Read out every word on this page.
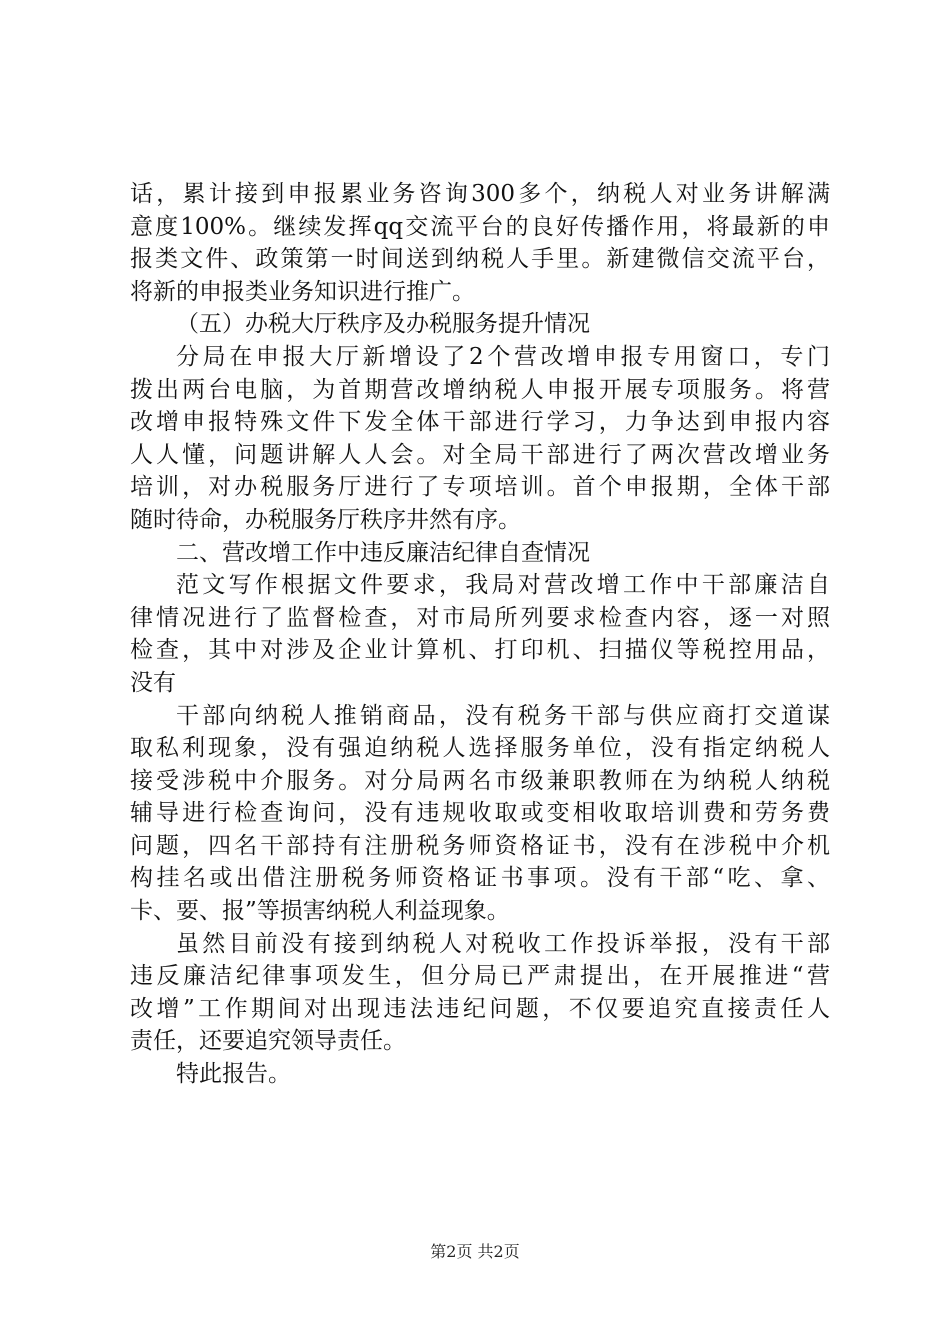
话，累计接到申报累业务咨询300多个，纳税人对业务讲解满
意度100%。继续发挥qq交流平台的良好传播作用，将最新的申
报类文件、政策第一时间送到纳税人手里。新建微信交流平台，
将新的申报类业务知识进行推广。
（五）办税大厅秩序及办税服务提升情况
分局在申报大厅新增设了2个营改增申报专用窗口，专门
拨出两台电脑，为首期营改增纳税人申报开展专项服务。将营
改增申报特殊文件下发全体干部进行学习，力争达到申报内容
人人懂，问题讲解人人会。对全局干部进行了两次营改增业务
培训，对办税服务厅进行了专项培训。首个申报期，全体干部
随时待命，办税服务厅秩序井然有序。
二、营改增工作中违反廉洁纪律自查情况
范文写作根据文件要求，我局对营改增工作中干部廉洁自
律情况进行了监督检查，对市局所列要求检查内容，逐一对照
检查，其中对涉及企业计算机、打印机、扫描仪等税控用品，
没有
干部向纳税人推销商品，没有税务干部与供应商打交道谋
取私利现象，没有强迫纳税人选择服务单位，没有指定纳税人
接受涉税中介服务。对分局两名市级兼职教师在为纳税人纳税
辅导进行检查询问，没有违规收取或变相收取培训费和劳务费
问题，四名干部持有注册税务师资格证书，没有在涉税中介机
构挂名或出借注册税务师资格证书事项。没有干部“吃、拿、
卡、要、报”等损害纳税人利益现象。
虽然目前没有接到纳税人对税收工作投诉举报，没有干部
违反廉洁纪律事项发生，但分局已严肃提出，在开展推进“营
改增”工作期间对出现违法违纪问题，不仅要追究直接责任人
责任，还要追究领导责任。
特此报告。
第2页 共2页
